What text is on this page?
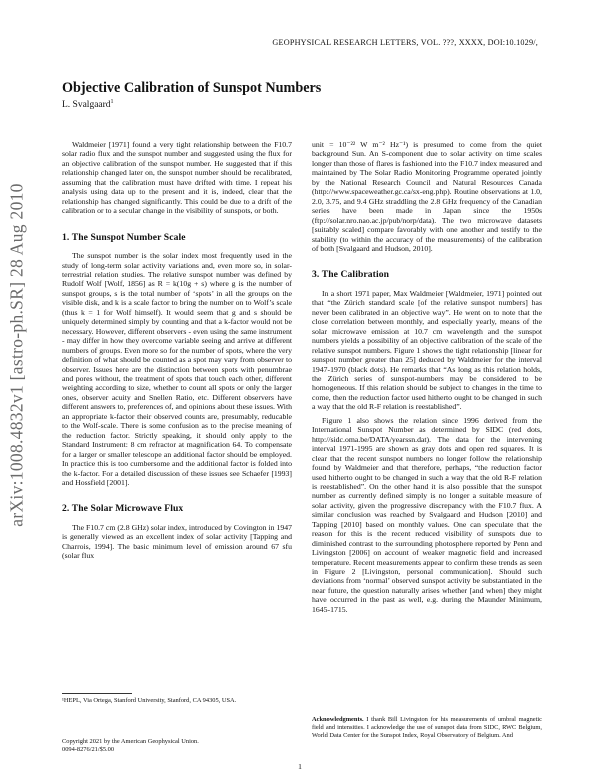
GEOPHYSICAL RESEARCH LETTERS, VOL. ???, XXXX, DOI:10.1029/,
arXiv:1008.4832v1 [astro-ph.SR] 28 Aug 2010
Objective Calibration of Sunspot Numbers
L. Svalgaard$^1$

Waldmeier [1971] found a very tight relationship between the F10.7 solar radio flux and the sunspot number and suggested using the flux for an objective calibration of the sunspot number. He suggested that if this relationship changed later on, the sunspot number should be recalibrated, assuming that the calibration must have drifted with time. I repeat his analysis using data up to the present and it is, indeed, clear that the relationship has changed significantly. This could be due to a drift of the calibration or to a secular change in the visibility of sunspots, or both.

1. The Sunspot Number Scale

The sunspot number is the solar index most frequently used in the study of long-term solar activity variations and, even more so, in solar-terrestrial relation studies. The relative sunspot number was defined by Rudolf Wolf [Wolf, 1856] as R = k(10g + s) where g is the number of sunspot groups, s is the total number of ‘spots’ in all the groups on the visible disk, and k is a scale factor to bring the number on to Wolf’s scale (thus k = 1 for Wolf himself). It would seem that g and s should be uniquely determined simply by counting and that a k-factor would not be necessary. However, different observers - even using the same instrument - may differ in how they overcome variable seeing and arrive at different numbers of groups. Even more so for the number of spots, where the very definition of what should be counted as a spot may vary from observer to observer. Issues here are the distinction between spots with penumbrae and pores without, the treatment of spots that touch each other, different weighting according to size, whether to count all spots or only the larger ones, observer acuity and Snellen Ratio, etc. Different observers have different answers to, preferences of, and opinions about these issues. With an appropriate k-factor their observed counts are, presumably, reducable to the Wolf-scale. There is some confusion as to the precise meaning of the reduction factor. Strictly speaking, it should only apply to the Standard Instrument: 8 cm refractor at magnification 64. To compensate for a larger or smaller telescope an additional factor should be employed. In practice this is too cumbersome and the additional factor is folded into the k-factor. For a detailed discussion of these issues see Schaefer [1993] and Hossfield [2001].

2. The Solar Microwave Flux

The F10.7 cm (2.8 GHz) solar index, introduced by Covington in 1947 is generally viewed as an excellent index of solar activity [Tapping and Charrois, 1994]. The basic minimum level of emission around 67 sfu (solar flux

unit = 10⁻²² W m⁻² Hz⁻¹) is presumed to come from the quiet background Sun. An S-component due to solar activity on time scales longer than those of flares is fashioned into the F10.7 index measured and maintained by The Solar Radio Monitoring Programme operated jointly by the National Research Council and Natural Resources Canada (http://www.spaceweather.gc.ca/sx-eng.php). Routine observations at 1.0, 2.0, 3.75, and 9.4 GHz straddling the 2.8 GHz frequency of the Canadian series have been made in Japan since the 1950s (ftp://solar.nro.nao.ac.jp/pub/norp/data). The two microwave datasets [suitably scaled] compare favorably with one another and testify to the stability (to within the accuracy of the measurements) of the calibration of both [Svalgaard and Hudson, 2010].

3. The Calibration

In a short 1971 paper, Max Waldmeier [Waldmeier, 1971] pointed out that “the Zürich standard scale [of the relative sunspot numbers] has never been calibrated in an objective way”. He went on to note that the close correlation between monthly, and especially yearly, means of the solar microwave emission at 10.7 cm wavelength and the sunspot numbers yields a possibility of an objective calibration of the scale of the relative sunspot numbers. Figure 1 shows the tight relationship [linear for sunspot number greater than 25] deduced by Waldmeier for the interval 1947-1970 (black dots). He remarks that “As long as this relation holds, the Zürich series of sunspot-numbers may be considered to be homogeneous. If this relation should be subject to changes in the time to come, then the reduction factor used hitherto ought to be changed in such a way that the old R-F relation is reestablished”.

Figure 1 also shows the relation since 1996 derived from the International Sunspot Number as determined by SIDC (red dots, http://sidc.oma.be/DATA/yearssn.dat). The data for the intervening interval 1971-1995 are shown as gray dots and open red squares. It is clear that the recent sunspot numbers no longer follow the relationship found by Waldmeier and that therefore, perhaps, “the reduction factor used hitherto ought to be changed in such a way that the old R-F relation is reestablished”. On the other hand it is also possible that the sunspot number as currently defined simply is no longer a suitable measure of solar activity, given the progressive discrepancy with the F10.7 flux. A similar conclusion was reached by Svalgaard and Hudson [2010] and Tapping [2010] based on monthly values. One can speculate that the reason for this is the recent reduced visibility of sunspots due to diminished contrast to the surrounding photosphere reported by Penn and Livingston [2006] on account of weaker magnetic field and increased temperature. Recent measurements appear to confirm these trends as seen in Figure 2 [Livingston, personal communication]. Should such deviations from ‘normal’ observed sunspot activity be substantiated in the near future, the question naturally arises whether [and when] they might have occurred in the past as well, e.g. during the Maunder Minimum, 1645-1715.

¹HEPL, Via Ortega, Stanford University, Stanford, CA 94305, USA.
Copyright 2021 by the American Geophysical Union.
0094-8276/21/$5.00
Acknowledgments. I thank Bill Livingston for his measurements of umbral magnetic field and intensities. I acknowledge the use of sunspot data from SIDC, RWC Belgium, World Data Center for the Sunspot Index, Royal Observatory of Belgium. And
1
